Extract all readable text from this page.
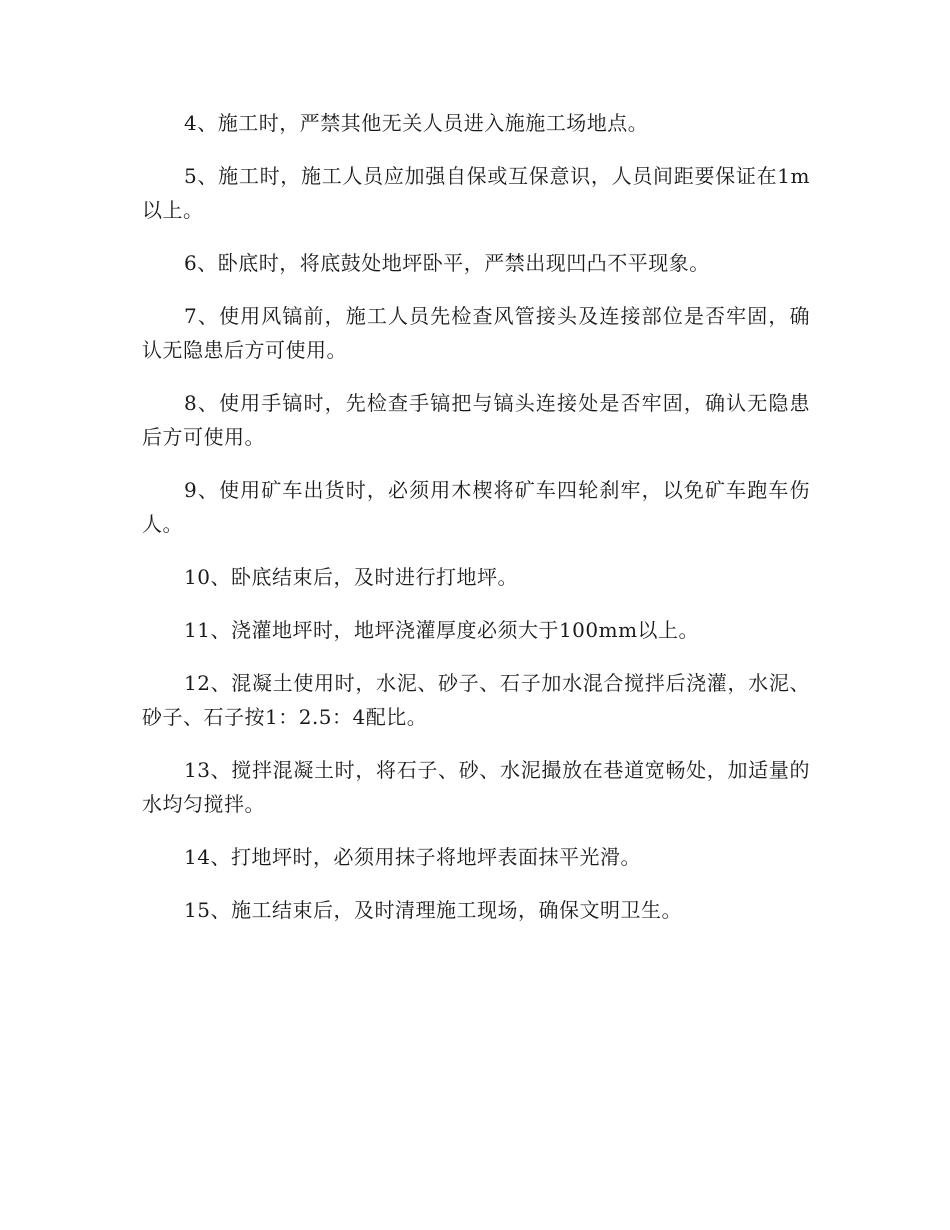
4、施工时，严禁其他无关人员进入施施工场地点。

5、施工时，施工人员应加强自保或互保意识，人员间距要保证在1m以上。

6、卧底时，将底鼓处地坪卧平，严禁出现凹凸不平现象。

7、使用风镐前，施工人员先检查风管接头及连接部位是否牢固，确认无隐患后方可使用。

8、使用手镐时，先检查手镐把与镐头连接处是否牢固，确认无隐患后方可使用。

9、使用矿车出货时，必须用木楔将矿车四轮刹牢，以免矿车跑车伤人。

10、卧底结束后，及时进行打地坪。

11、浇灌地坪时，地坪浇灌厚度必须大于100mm以上。

12、混凝土使用时，水泥、砂子、石子加水混合搅拌后浇灌，水泥、砂子、石子按1：2.5：4配比。

13、搅拌混凝土时，将石子、砂、水泥撮放在巷道宽畅处，加适量的水均匀搅拌。

14、打地坪时，必须用抹子将地坪表面抹平光滑。

15、施工结束后，及时清理施工现场，确保文明卫生。
